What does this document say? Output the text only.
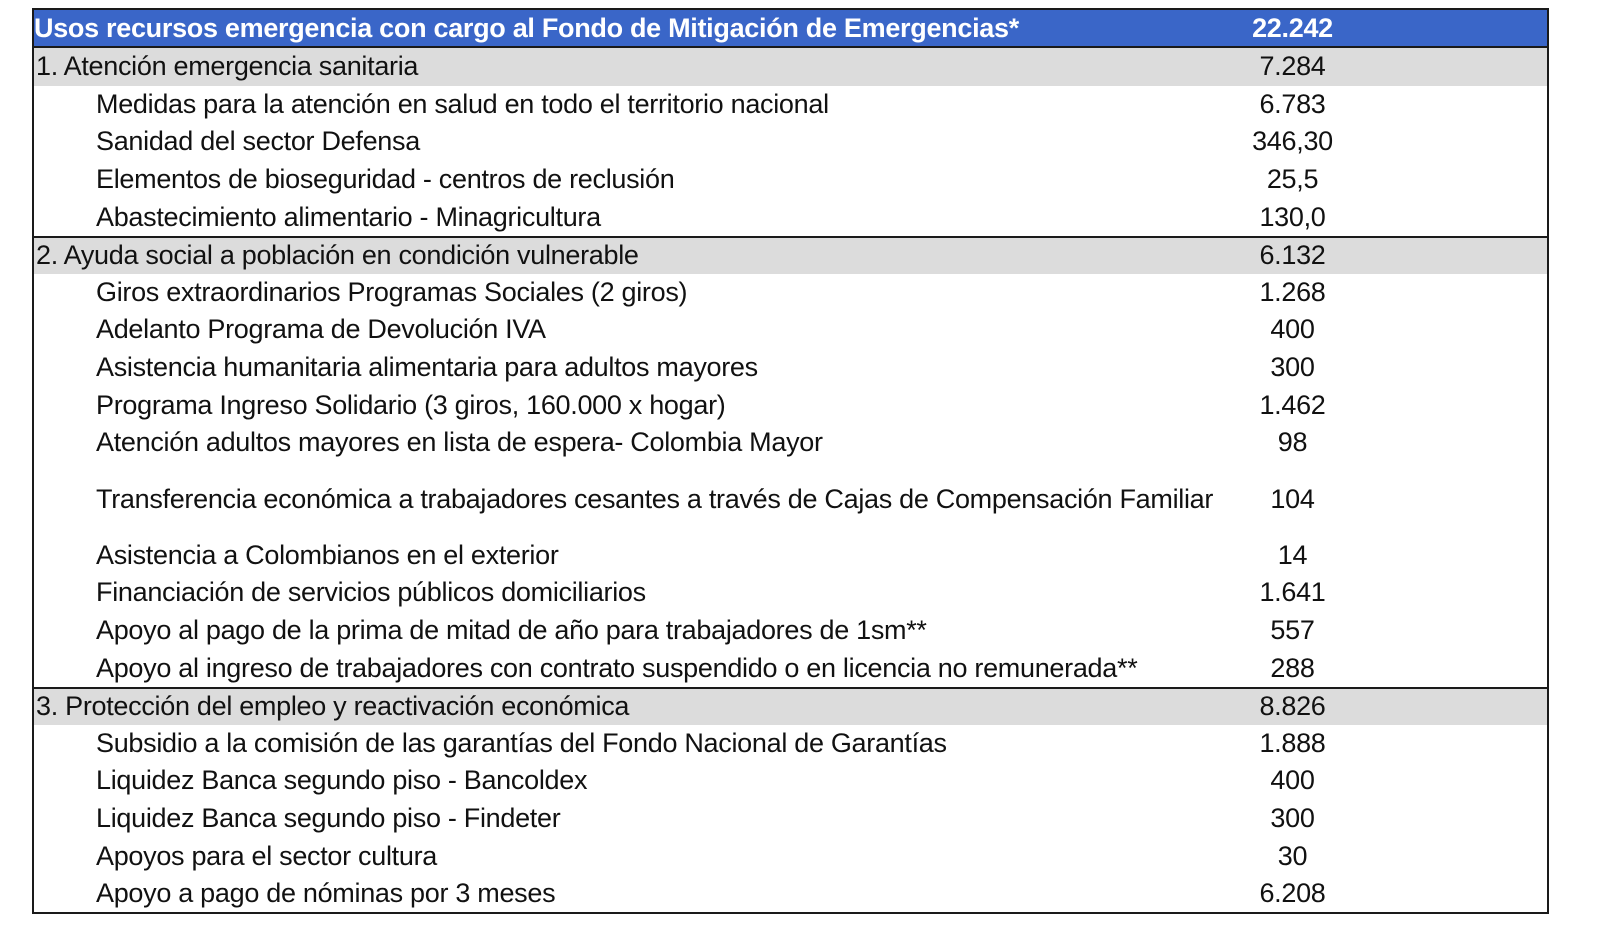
Usos recursos emergencia con cargo al Fondo de Mitigación de Emergencias*	22.242
1. Atención emergencia sanitaria	7.284
Medidas para la atención en salud en todo el territorio nacional	6.783
Sanidad del sector Defensa	346,30
Elementos de bioseguridad - centros de reclusión	25,5
Abastecimiento alimentario - Minagricultura	130,0
2. Ayuda social a población en condición vulnerable	6.132
Giros extraordinarios Programas Sociales (2 giros)	1.268
Adelanto Programa de Devolución IVA	400
Asistencia humanitaria alimentaria para adultos mayores	300
Programa Ingreso Solidario (3 giros, 160.000 x hogar)	1.462
Atención adultos mayores en lista de espera- Colombia Mayor	98
Transferencia económica a trabajadores cesantes a través de Cajas de Compensación Familiar	104
Asistencia a Colombianos en el exterior	14
Financiación de servicios públicos domiciliarios	1.641
Apoyo al pago de la prima de mitad de año para trabajadores de 1sm**	557
Apoyo al ingreso de trabajadores con contrato suspendido o en licencia no remunerada**	288
3. Protección del empleo y reactivación económica	8.826
Subsidio a la comisión de las garantías del Fondo Nacional de Garantías	1.888
Liquidez Banca segundo piso - Bancoldex	400
Liquidez Banca segundo piso - Findeter	300
Apoyos para el sector cultura	30
Apoyo a pago de nóminas por 3 meses	6.208
